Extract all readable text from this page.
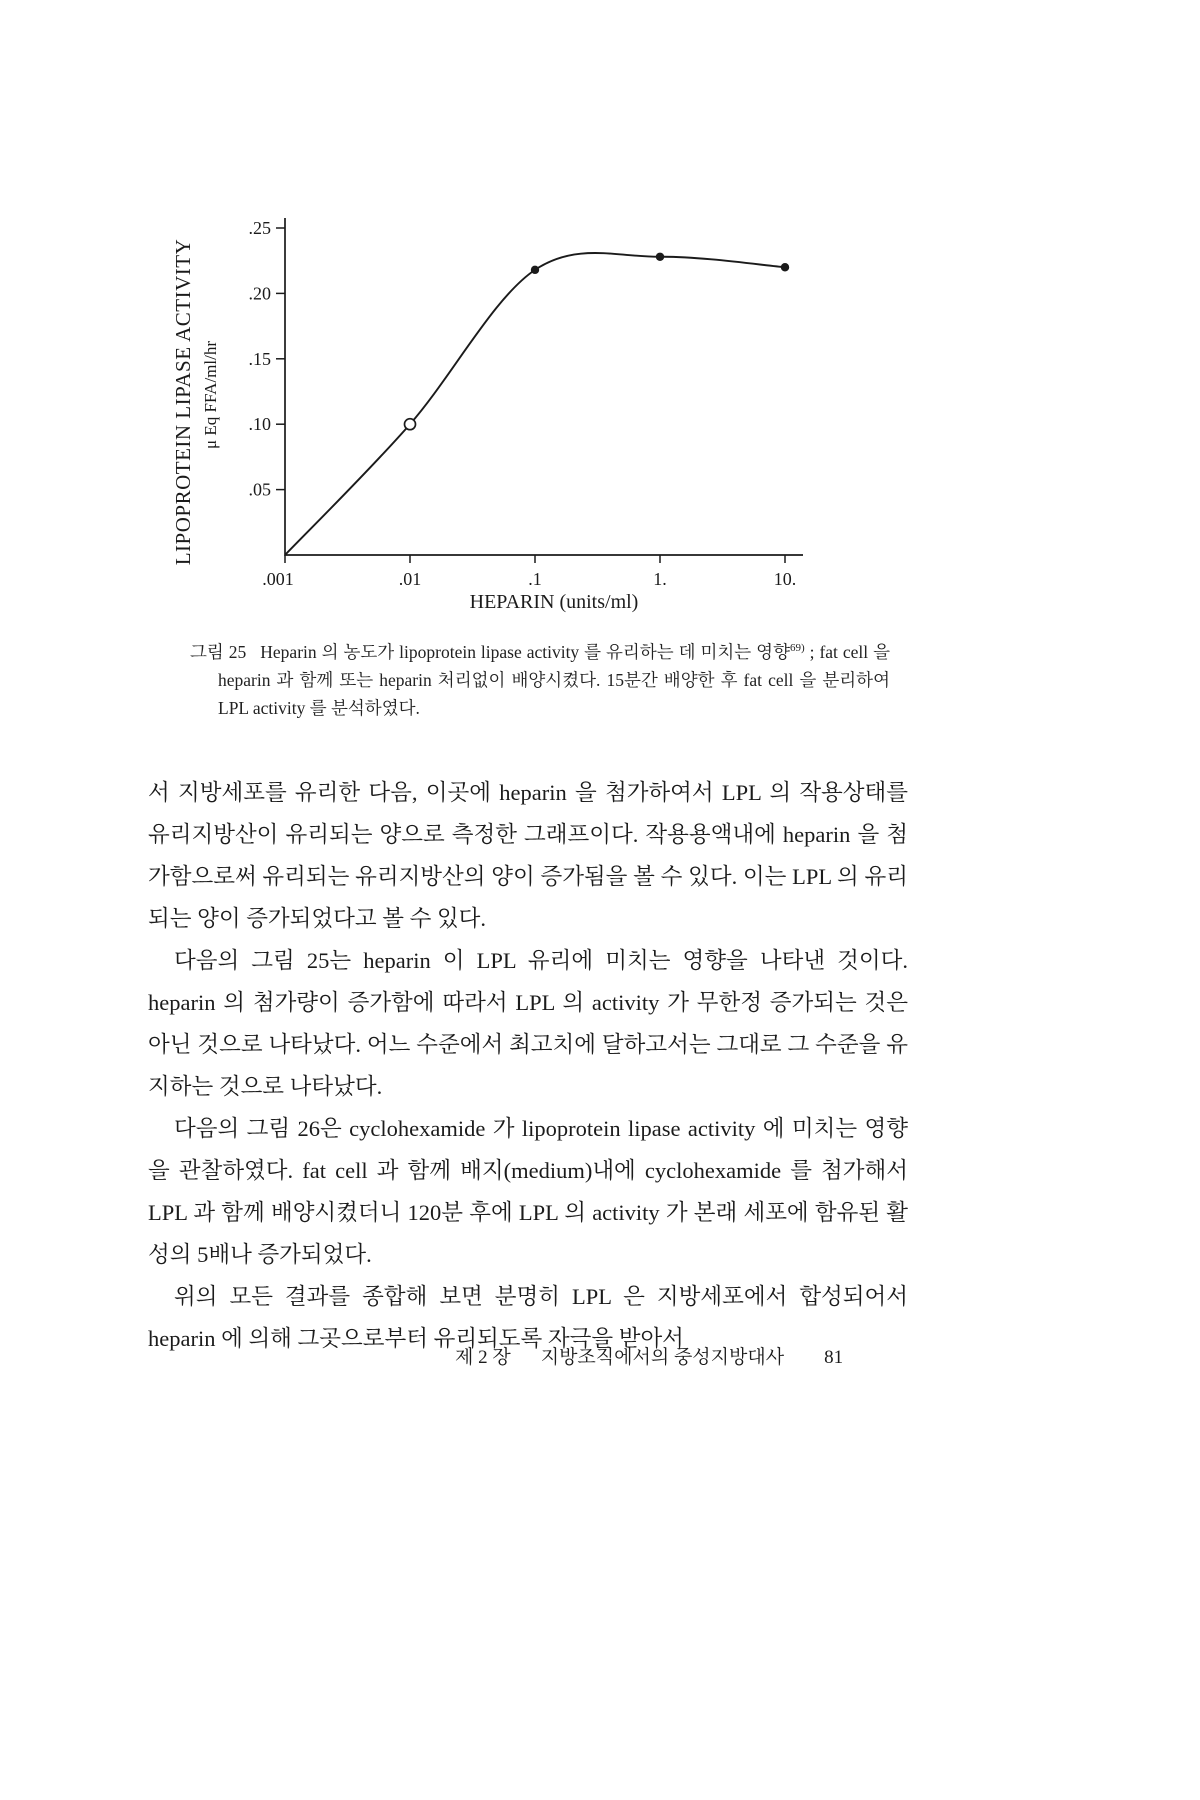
.05
.10
.15
.20
.25
.001	.01	.1	1.	10.
HEPARIN (units/ml)
LIPOPROTEIN LIPASE ACTIVITY μ Eq FFA/ml/hr
그림 25 Heparin 의 농도가 lipoprotein lipase activity 를 유리하는 데 미치는 영향$^{69)}$ ; fat cell 을 heparin 과 함께 또는 heparin 처리없이 배양시켰다. 15분간 배양한 후 fat cell 을 분리하여 LPL activity 를 분석하였다.

서 지방세포를 유리한 다음, 이곳에 heparin 을 첨가하여서 LPL 의 작용상태를 유리지방산이 유리되는 양으로 측정한 그래프이다. 작용용액내에 heparin 을 첨가함으로써 유리되는 유리지방산의 양이 증가됨을 볼 수 있다. 이는 LPL 의 유리되는 양이 증가되었다고 볼 수 있다.

다음의 그림 25는 heparin 이 LPL 유리에 미치는 영향을 나타낸 것이다. heparin 의 첨가량이 증가함에 따라서 LPL 의 activity 가 무한정 증가되는 것은 아닌 것으로 나타났다. 어느 수준에서 최고치에 달하고서는 그대로 그 수준을 유지하는 것으로 나타났다.

다음의 그림 26은 cyclohexamide 가 lipoprotein lipase activity 에 미치는 영향을 관찰하였다. fat cell 과 함께 배지(medium)내에 cyclohexamide 를 첨가해서 LPL 과 함께 배양시켰더니 120분 후에 LPL 의 activity 가 본래 세포에 함유된 활성의 5배나 증가되었다.

위의 모든 결과를 종합해 보면 분명히 LPL 은 지방세포에서 합성되어서 heparin 에 의해 그곳으로부터 유리되도록 자극을 받아서

제 2 장 지방조직에서의 중성지방대사 81
